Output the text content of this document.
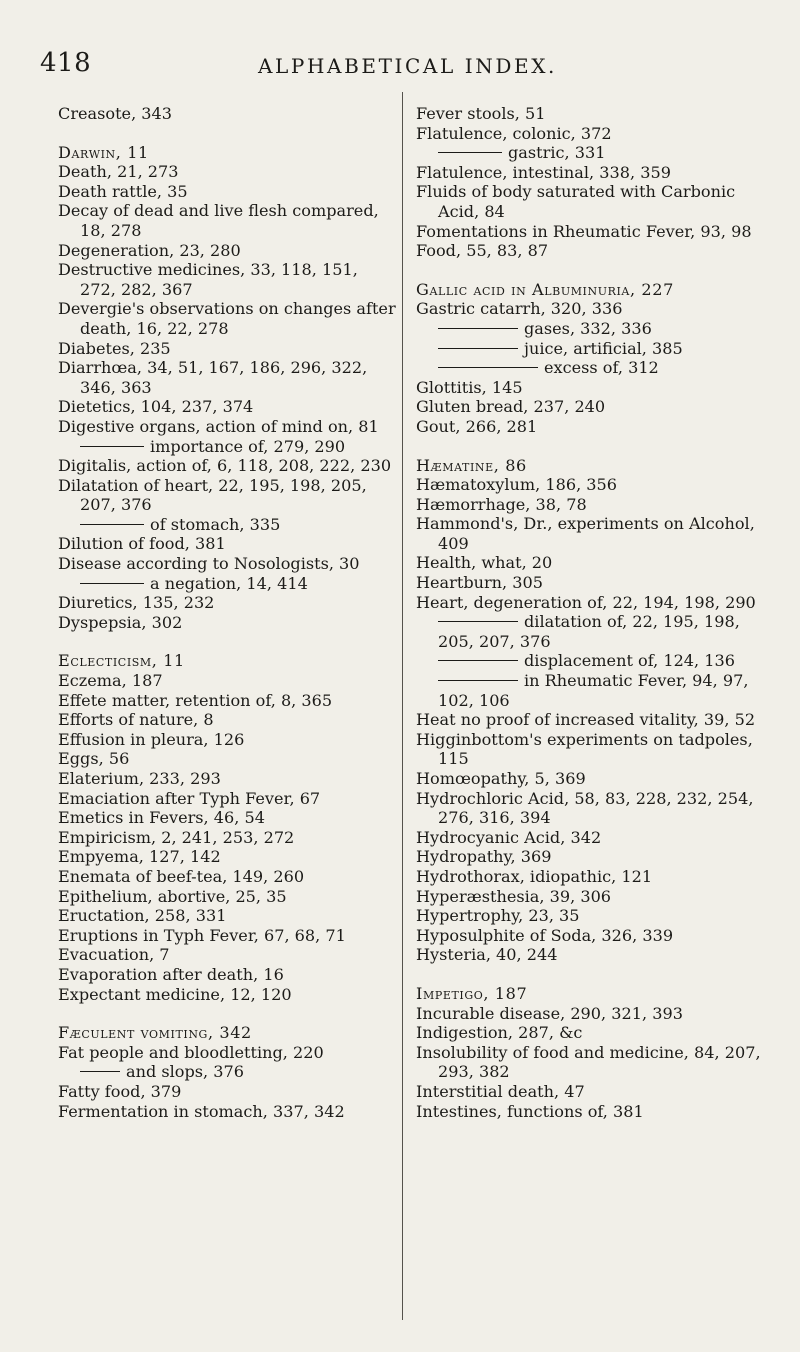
418	ALPHABETICAL INDEX.
Creasote, 343
Darwin, 11
Death, 21, 273
Death rattle, 35
Decay of dead and live flesh compared, 18, 278
Degeneration, 23, 280
Destructive medicines, 33, 118, 151, 272, 282, 367
Devergie's observations on changes after death, 16, 22, 278
Diabetes, 235
Diarrhœa, 34, 51, 167, 186, 296, 322, 346, 363
Dietetics, 104, 237, 374
Digestive organs, action of mind on, 81
importance of, 279, 290
Digitalis, action of, 6, 118, 208, 222, 230
Dilatation of heart, 22, 195, 198, 205, 207, 376
of stomach, 335
Dilution of food, 381
Disease according to Nosologists, 30
a negation, 14, 414
Diuretics, 135, 232
Dyspepsia, 302
Eclecticism, 11
Eczema, 187
Effete matter, retention of, 8, 365
Efforts of nature, 8
Effusion in pleura, 126
Eggs, 56
Elaterium, 233, 293
Emaciation after Typh Fever, 67
Emetics in Fevers, 46, 54
Empiricism, 2, 241, 253, 272
Empyema, 127, 142
Enemata of beef-tea, 149, 260
Epithelium, abortive, 25, 35
Eructation, 258, 331
Eruptions in Typh Fever, 67, 68, 71
Evacuation, 7
Evaporation after death, 16
Expectant medicine, 12, 120
Fæculent vomiting, 342
Fat people and bloodletting, 220
and slops, 376
Fatty food, 379
Fermentation in stomach, 337, 342
Fever stools, 51
Flatulence, colonic, 372
gastric, 331
Flatulence, intestinal, 338, 359
Fluids of body saturated with Carbonic Acid, 84
Fomentations in Rheumatic Fever, 93, 98
Food, 55, 83, 87
Gallic acid in Albuminuria, 227
Gastric catarrh, 320, 336
gases, 332, 336
juice, artificial, 385
excess of, 312
Glottitis, 145
Gluten bread, 237, 240
Gout, 266, 281
Hæmatine, 86
Hæmatoxylum, 186, 356
Hæmorrhage, 38, 78
Hammond's, Dr., experiments on Alcohol, 409
Health, what, 20
Heartburn, 305
Heart, degeneration of, 22, 194, 198, 290
dilatation of, 22, 195, 198, 205, 207, 376
displacement of, 124, 136
in Rheumatic Fever, 94, 97, 102, 106
Heat no proof of increased vitality, 39, 52
Higginbottom's experiments on tadpoles, 115
Homœopathy, 5, 369
Hydrochloric Acid, 58, 83, 228, 232, 254, 276, 316, 394
Hydrocyanic Acid, 342
Hydropathy, 369
Hydrothorax, idiopathic, 121
Hyperæsthesia, 39, 306
Hypertrophy, 23, 35
Hyposulphite of Soda, 326, 339
Hysteria, 40, 244
Impetigo, 187
Incurable disease, 290, 321, 393
Indigestion, 287, &c
Insolubility of food and medicine, 84, 207, 293, 382
Interstitial death, 47
Intestines, functions of, 381
